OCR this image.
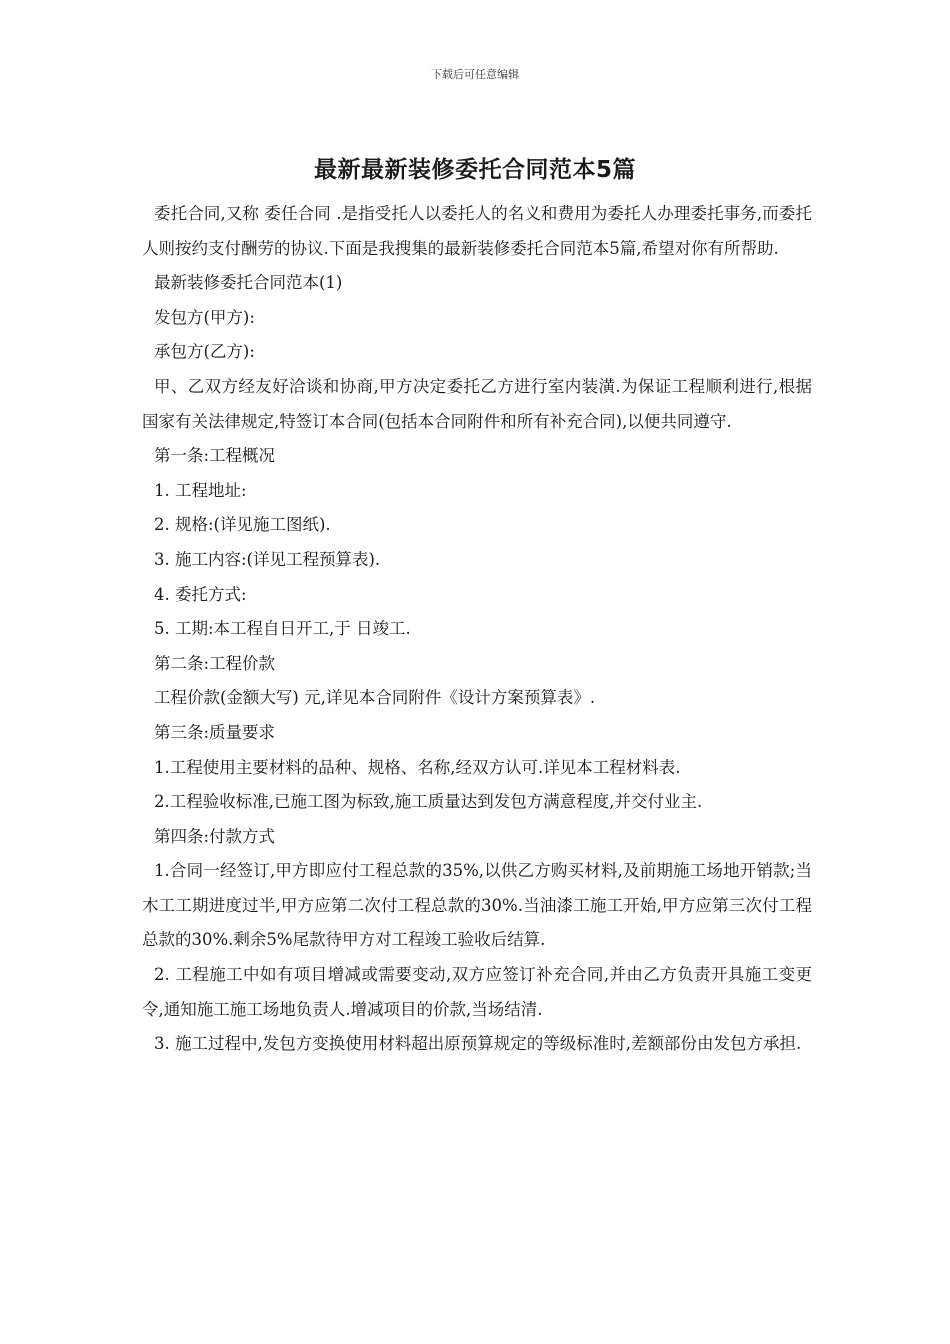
下载后可任意编辑
最新最新装修委托合同范本5篇

委托合同,又称 委任合同 .是指受托人以委托人的名义和费用为委托人办理委托事务,而委托人则按约支付酬劳的协议.下面是我搜集的最新装修委托合同范本5篇,希望对你有所帮助.

最新装修委托合同范本(1)

发包方(甲方):

承包方(乙方):

甲、乙双方经友好洽谈和协商,甲方决定委托乙方进行室内装潢.为保证工程顺利进行,根据国家有关法律规定,特签订本合同(包括本合同附件和所有补充合同),以便共同遵守.

第一条:工程概况

1. 工程地址:

2. 规格:(详见施工图纸).

3. 施工内容:(详见工程预算表).

4. 委托方式:

5. 工期:本工程自日开工,于 日竣工.

第二条:工程价款

工程价款(金额大写) 元,详见本合同附件《设计方案预算表》.

第三条:质量要求

1.工程使用主要材料的品种、规格、名称,经双方认可.详见本工程材料表.

2.工程验收标准,已施工图为标致,施工质量达到发包方满意程度,并交付业主.

第四条:付款方式

1.合同一经签订,甲方即应付工程总款的35%,以供乙方购买材料,及前期施工场地开销款;当木工工期进度过半,甲方应第二次付工程总款的30%.当油漆工施工开始,甲方应第三次付工程总款的30%.剩余5%尾款待甲方对工程竣工验收后结算.

2. 工程施工中如有项目增减或需要变动,双方应签订补充合同,并由乙方负责开具施工变更令,通知施工施工场地负责人.增减项目的价款,当场结清.

3. 施工过程中,发包方变换使用材料超出原预算规定的等级标准时,差额部份由发包方承担.
